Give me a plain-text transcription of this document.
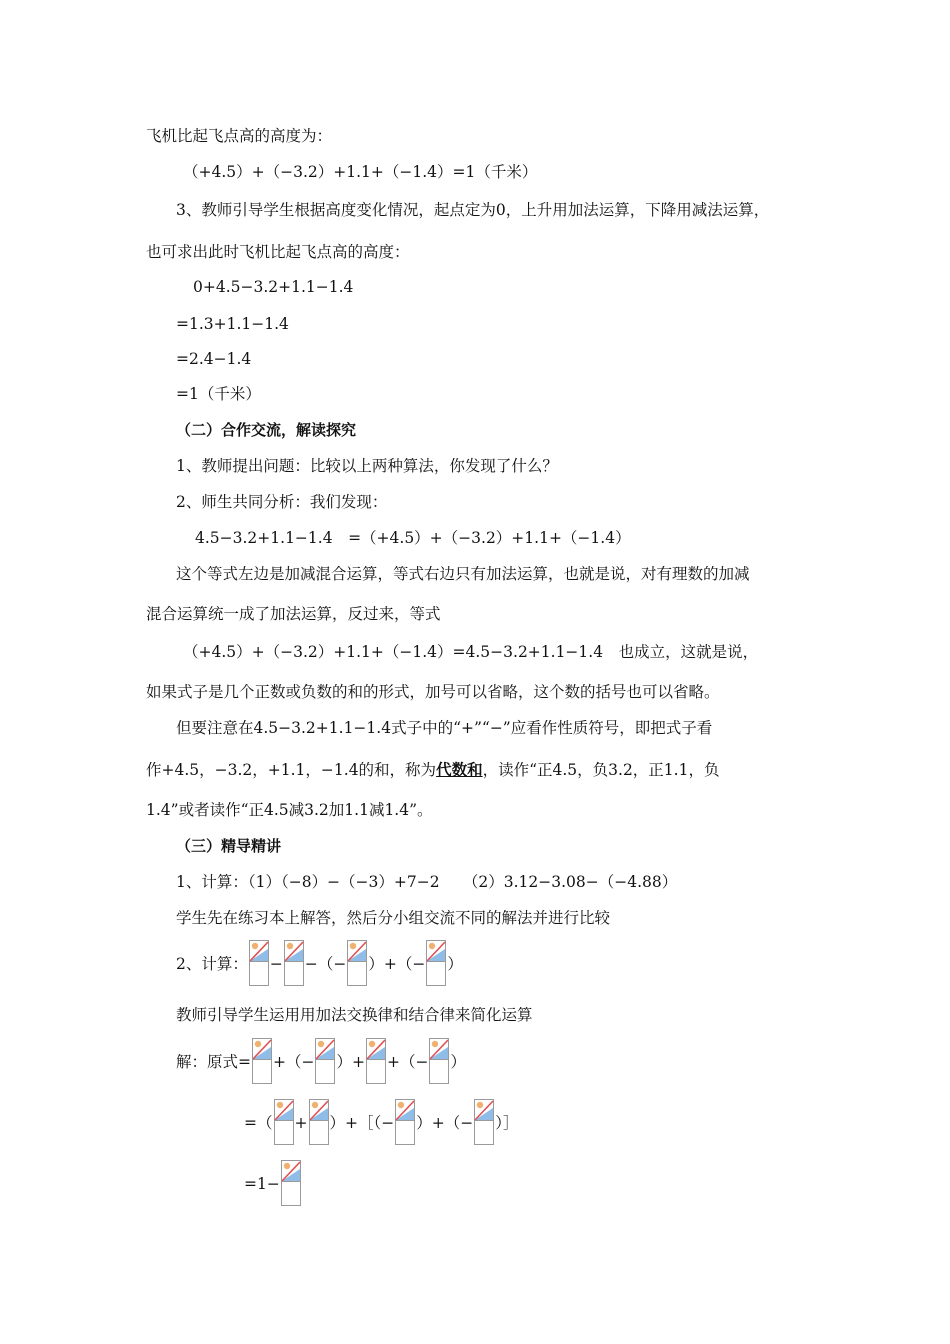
飞机比起飞点高的高度为：
（+4.5）+（−3.2）+1.1+（−1.4）=1（千米）
3、教师引导学生根据高度变化情况，起点定为0，上升用加法运算，下降用减法运算，
也可求出此时飞机比起飞点高的高度：
0+4.5−3.2+1.1−1.4
=1.3+1.1−1.4
=2.4−1.4
=1（千米）
（二）合作交流，解读探究
1、教师提出问题：比较以上两种算法，你发现了什么？
2、师生共同分析：我们发现：
4.5−3.2+1.1−1.4　=（+4.5）+（−3.2）+1.1+（−1.4）
这个等式左边是加减混合运算，等式右边只有加法运算，也就是说，对有理数的加减
混合运算统一成了加法运算，反过来，等式
（+4.5）+（−3.2）+1.1+（−1.4）=4.5−3.2+1.1−1.4　也成立，这就是说，
如果式子是几个正数或负数的和的形式，加号可以省略，这个数的括号也可以省略。
但要注意在4.5−3.2+1.1−1.4式子中的“+”“−”应看作性质符号，即把式子看
作+4.5，−3.2，+1.1，−1.4的和，称为代数和，读作“正4.5，负3.2，正1.1，负
1.4”或者读作“正4.5减3.2加1.1减1.4”。
（三）精导精讲
1、计算：（1）（−8）−（−3）+7−2　　（2）3.12−3.08−（−4.88）
学生先在练习本上解答，然后分小组交流不同的解法并进行比较
2、计算： − −（− ）+（− ）
教师引导学生运用用加法交换律和结合律来简化运算
解：原式= +（− ）+ +（− ）
=（ + ）+［（− ）+（− ）］
=1−
